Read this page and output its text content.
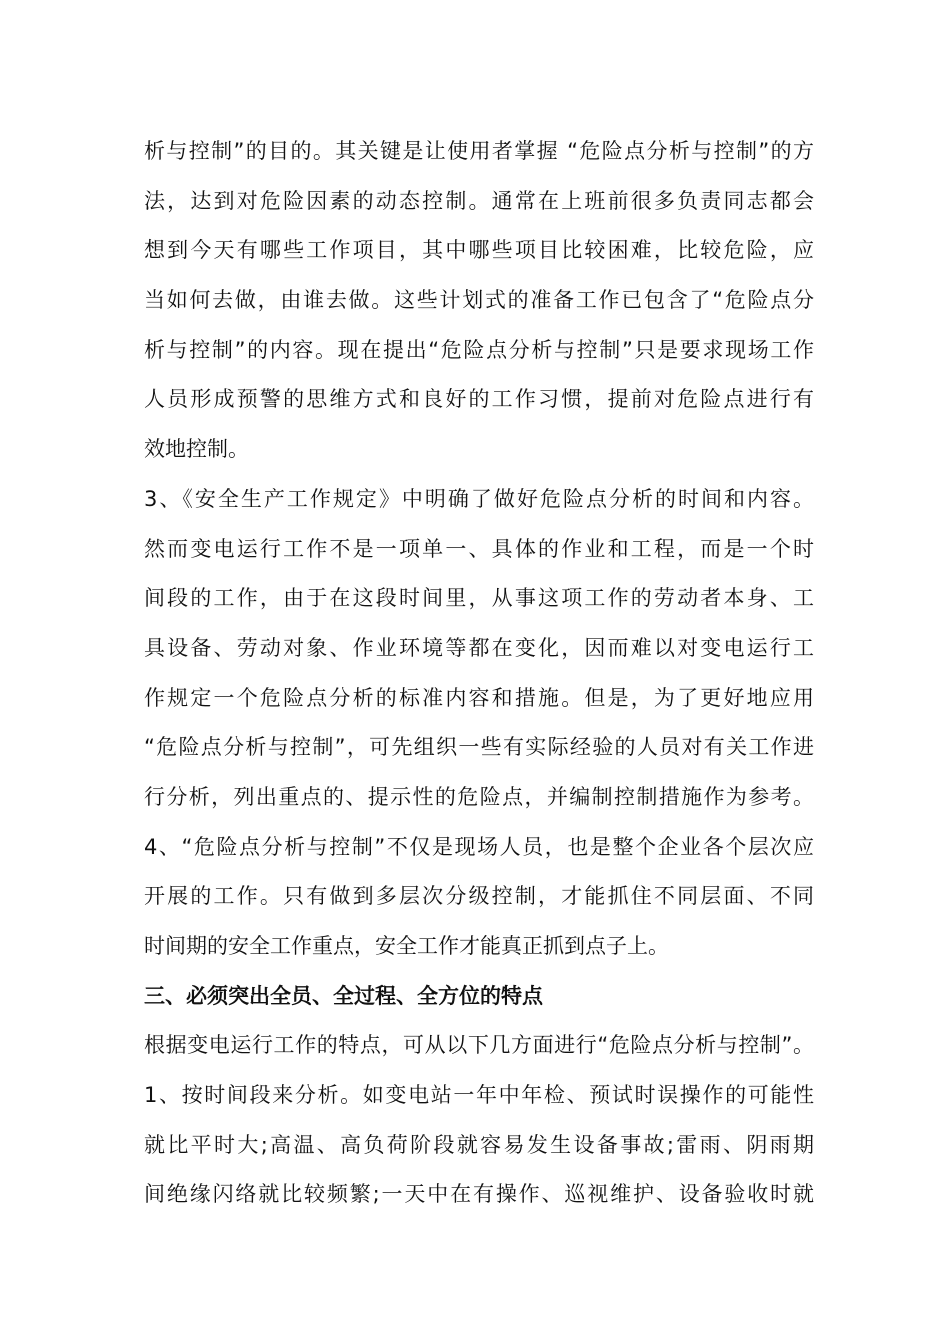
析与控制”的目的。其关键是让使用者掌握 “危险点分析与控制”的方
法，达到对危险因素的动态控制。通常在上班前很多负责同志都会
想到今天有哪些工作项目，其中哪些项目比较困难，比较危险，应
当如何去做，由谁去做。这些计划式的准备工作已包含了“危险点分
析与控制”的内容。现在提出“危险点分析与控制”只是要求现场工作
人员形成预警的思维方式和良好的工作习惯，提前对危险点进行有
效地控制。
3、《安全生产工作规定》中明确了做好危险点分析的时间和内容。
然而变电运行工作不是一项单一、具体的作业和工程，而是一个时
间段的工作，由于在这段时间里，从事这项工作的劳动者本身、工
具设备、劳动对象、作业环境等都在变化，因而难以对变电运行工
作规定一个危险点分析的标准内容和措施。但是，为了更好地应用
“危险点分析与控制”，可先组织一些有实际经验的人员对有关工作进
行分析，列出重点的、提示性的危险点，并编制控制措施作为参考。
4、“危险点分析与控制”不仅是现场人员，也是整个企业各个层次应
开展的工作。只有做到多层次分级控制，才能抓住不同层面、不同
时间期的安全工作重点，安全工作才能真正抓到点子上。
三、必须突出全员、全过程、全方位的特点
根据变电运行工作的特点，可从以下几方面进行“危险点分析与控制”。
1、按时间段来分析。如变电站一年中年检、预试时误操作的可能性
就比平时大;高温、高负荷阶段就容易发生设备事故;雷雨、阴雨期
间绝缘闪络就比较频繁;一天中在有操作、巡视维护、设备验收时就
